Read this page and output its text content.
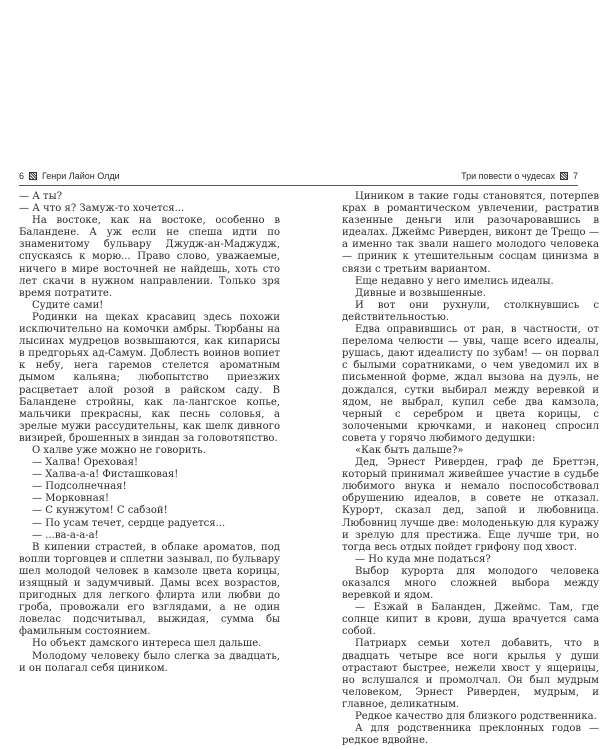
6 Генри Лайон Олди

— А ты?

— А что я? Замуж-то хочется...

На востоке, как на востоке, особенно в Баландене. А уж если не спеша идти по знаменитому бульвару Джудж-ан-Маджудж, спускаясь к морю... Право слово, уважаемые, ничего в мире восточней не найдешь, хоть сто лет скачи в нужном направлении. Только зря время потратите.

Судите сами!

Родинки на щеках красавиц здесь похожи исключительно на комочки амбры. Тюрбаны на лысинах мудрецов возвышаются, как кипарисы в предгорьях ад-Самум. Доблесть воинов вопиет к небу, нега гаремов стелется ароматным дымом кальяна; любопытство приезжих расцветает алой розой в райском саду. В Баландене стройны, как ла-лангское копье, мальчики прекрасны, как песнь соловья, а зрелые мужи рассудительны, как шелк дивного визирей, брошенных в зиндан за головотяпство.

О халве уже можно не говорить.

— Халва! Ореховая!

— Халва-а-а! Фисташковая!

— Подсолнечная!

— Морковная!

— С кунжутом! С сабзой!

— По усам течет, сердце радуется...

— ...ва-а-а-а!

В кипении страстей, в облаке ароматов, под вопли торговцев и сплетни зазывал, по бульвару шел молодой человек в камзоле цвета корицы, изящный и задумчивый. Дамы всех возрастов, пригодных для легкого флирта или любви до гроба, провожали его взглядами, а не один ловелас подсчитывал, выжидая, сумма бы фамильным состоянием.

Но объект дамского интереса шел дальше.

Молодому человеку было слегка за двадцать, и он полагал себя циником.

Три повести о чудесах 7

Циником в такие годы становятся, потерпев крах в романтическом увлечении, растратив казенные деньги или разочаровавшись в идеалах. Джеймс Риверден, виконт де Трещо — а именно так звали нашего молодого человека — приник к утешительным сосцам цинизма в связи с третьим вариантом.

Еще недавно у него имелись идеалы.

Дивные и возвышенные.

И вот они рухнули, столкнувшись с действительностью.

Едва оправившись от ран, в частности, от перелома челюсти — увы, чаще всего идеалы, рушась, дают идеалисту по зубам! — он порвал с былыми соратниками, о чем уведомил их в письменной форме, ждал вызова на дуэль, не дождался, сутки выбирал между веревкой и ядом, не выбрал, купил себе два камзола, черный с серебром и цвета корицы, с золочеными крючками, и наконец спросил совета у горячо любимого дедушки:

«Как быть дальше?»

Дед, Эрнест Риверден, граф де Бреттэн, который принимал живейшее участие в судьбе любимого внука и немало поспособствовал обрушению идеалов, в совете не отказал. Курорт, сказал дед, запой и любовница. Любовниц лучше две: молоденькую для куражу и зрелую для престижа. Еще лучше три, но тогда весь отдых пойдет грифону под хвост.

— Но куда мне податься?

Выбор курорта для молодого человека оказался много сложней выбора между веревкой и ядом.

— Езжай в Баланден, Джеймс. Там, где солнце кипит в крови, душа врачуется сама собой.

Патриарх семьи хотел добавить, что в двадцать четыре все ноги крылья у души отрастают быстрее, нежели хвост у ящерицы, но вслушался и промолчал. Он был мудрым человеком, Эрнест Риверден, мудрым, и главное, деликатным.

Редкое качество для близкого родственника.

А для родственника преклонных годов — редкое вдвойне.
